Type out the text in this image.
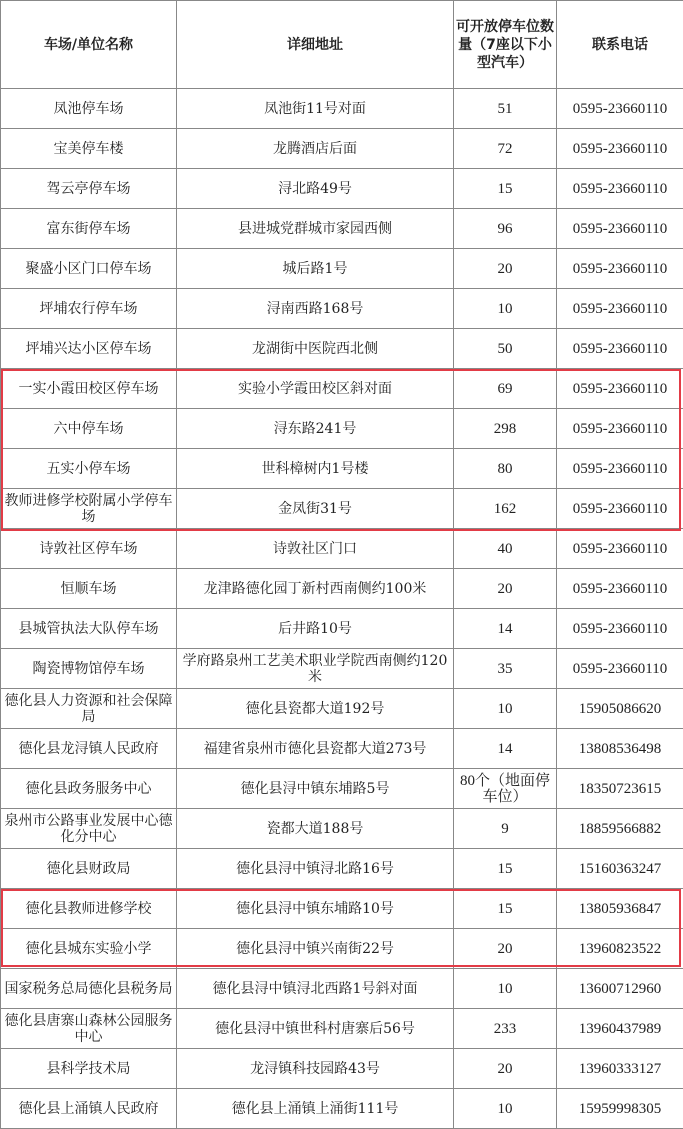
车场/单位名称	详细地址	可开放停车位数量（7座以下小型汽车）	联系电话
凤池停车场	凤池街11号对面	51	0595-23660110
宝美停车楼	龙腾酒店后面	72	0595-23660110
驾云亭停车场	浔北路49号	15	0595-23660110
富东街停车场	县进城党群城市家园西侧	96	0595-23660110
聚盛小区门口停车场	城后路1号	20	0595-23660110
坪埔农行停车场	浔南西路168号	10	0595-23660110
坪埔兴达小区停车场	龙湖街中医院西北侧	50	0595-23660110
一实小霞田校区停车场	实验小学霞田校区斜对面	69	0595-23660110
六中停车场	浔东路241号	298	0595-23660110
五实小停车场	世科樟树内1号楼	80	0595-23660110
教师进修学校附属小学停车场	金凤街31号	162	0595-23660110
诗敦社区停车场	诗敦社区门口	40	0595-23660110
恒顺车场	龙津路德化园丁新村西南侧约100米	20	0595-23660110
县城管执法大队停车场	后井路10号	14	0595-23660110
陶瓷博物馆停车场	学府路泉州工艺美术职业学院西南侧约120米	35	0595-23660110
德化县人力资源和社会保障局	德化县瓷都大道192号	10	15905086620
德化县龙浔镇人民政府	福建省泉州市德化县瓷都大道273号	14	13808536498
德化县政务服务中心	德化县浔中镇东埔路5号	80个（地面停车位）	18350723615
泉州市公路事业发展中心德化分中心	瓷都大道188号	9	18859566882
德化县财政局	德化县浔中镇浔北路16号	15	15160363247
德化县教师进修学校	德化县浔中镇东埔路10号	15	13805936847
德化县城东实验小学	德化县浔中镇兴南街22号	20	13960823522
国家税务总局德化县税务局	德化县浔中镇浔北西路1号斜对面	10	13600712960
德化县唐寨山森林公园服务中心	德化县浔中镇世科村唐寨后56号	233	13960437989
县科学技术局	龙浔镇科技园路43号	20	13960333127
德化县上涌镇人民政府	德化县上涌镇上涌街111号	10	15959998305
